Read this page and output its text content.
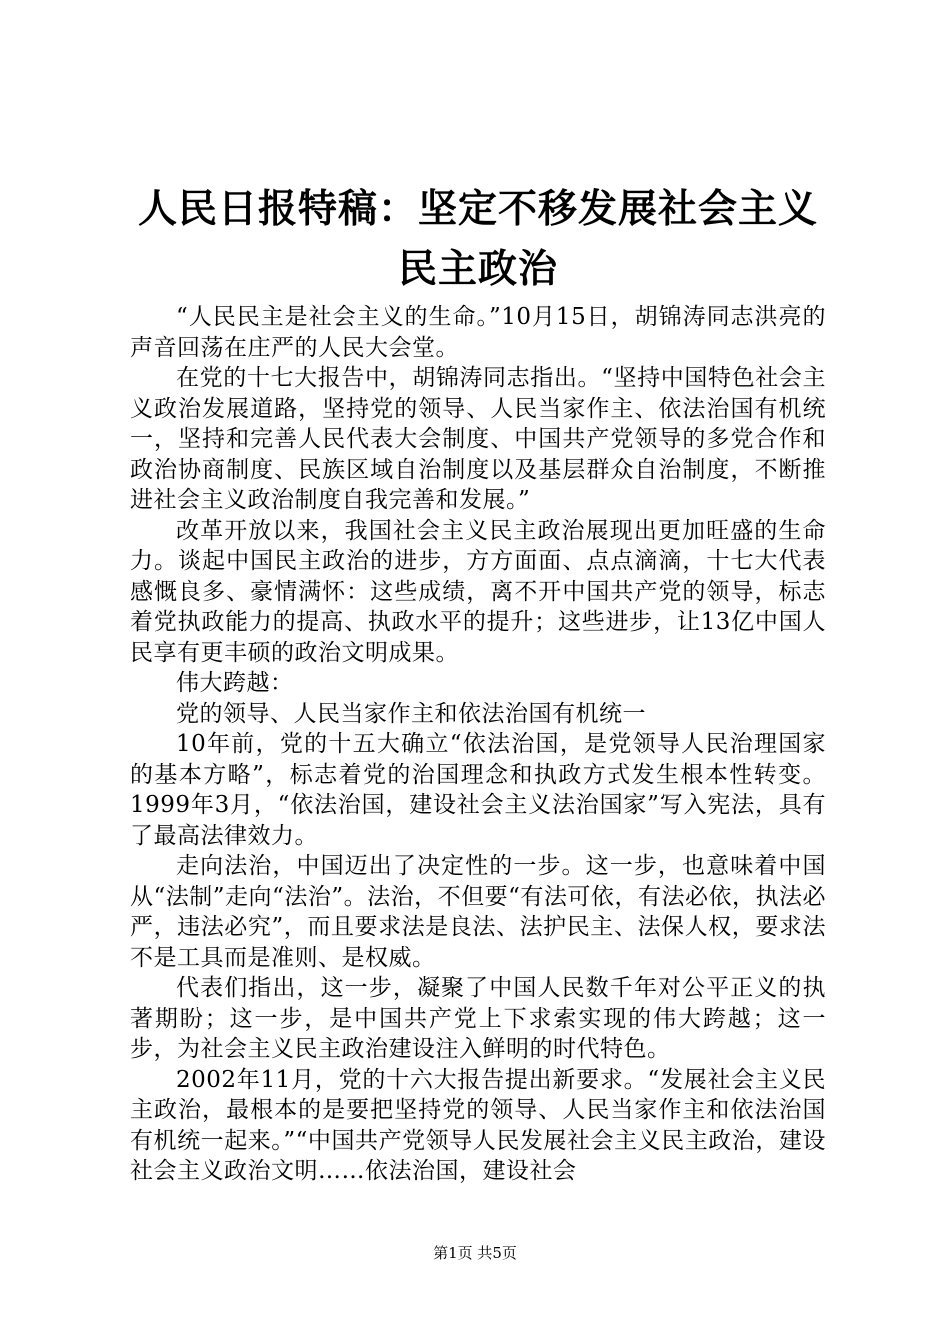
人民日报特稿：坚定不移发展社会主义民主政治

“人民民主是社会主义的生命。”10月15日，胡锦涛同志洪亮的声音回荡在庄严的人民大会堂。

在党的十七大报告中，胡锦涛同志指出。“坚持中国特色社会主义政治发展道路，坚持党的领导、人民当家作主、依法治国有机统一，坚持和完善人民代表大会制度、中国共产党领导的多党合作和政治协商制度、民族区域自治制度以及基层群众自治制度，不断推进社会主义政治制度自我完善和发展。”

改革开放以来，我国社会主义民主政治展现出更加旺盛的生命力。谈起中国民主政治的进步，方方面面、点点滴滴，十七大代表感慨良多、豪情满怀：这些成绩，离不开中国共产党的领导，标志着党执政能力的提高、执政水平的提升；这些进步，让13亿中国人民享有更丰硕的政治文明成果。

伟大跨越：

党的领导、人民当家作主和依法治国有机统一

10年前，党的十五大确立“依法治国，是党领导人民治理国家的基本方略”，标志着党的治国理念和执政方式发生根本性转变。1999年3月，“依法治国，建设社会主义法治国家”写入宪法，具有了最高法律效力。

走向法治，中国迈出了决定性的一步。这一步，也意味着中国从“法制”走向“法治”。法治，不但要“有法可依，有法必依，执法必严，违法必究”，而且要求法是良法、法护民主、法保人权，要求法不是工具而是准则、是权威。

代表们指出，这一步，凝聚了中国人民数千年对公平正义的执著期盼；这一步，是中国共产党上下求索实现的伟大跨越；这一步，为社会主义民主政治建设注入鲜明的时代特色。

2002年11月，党的十六大报告提出新要求。“发展社会主义民主政治，最根本的是要把坚持党的领导、人民当家作主和依法治国有机统一起来。”“中国共产党领导人民发展社会主义民主政治，建设社会主义政治文明……依法治国，建设社会

第1页 共5页
